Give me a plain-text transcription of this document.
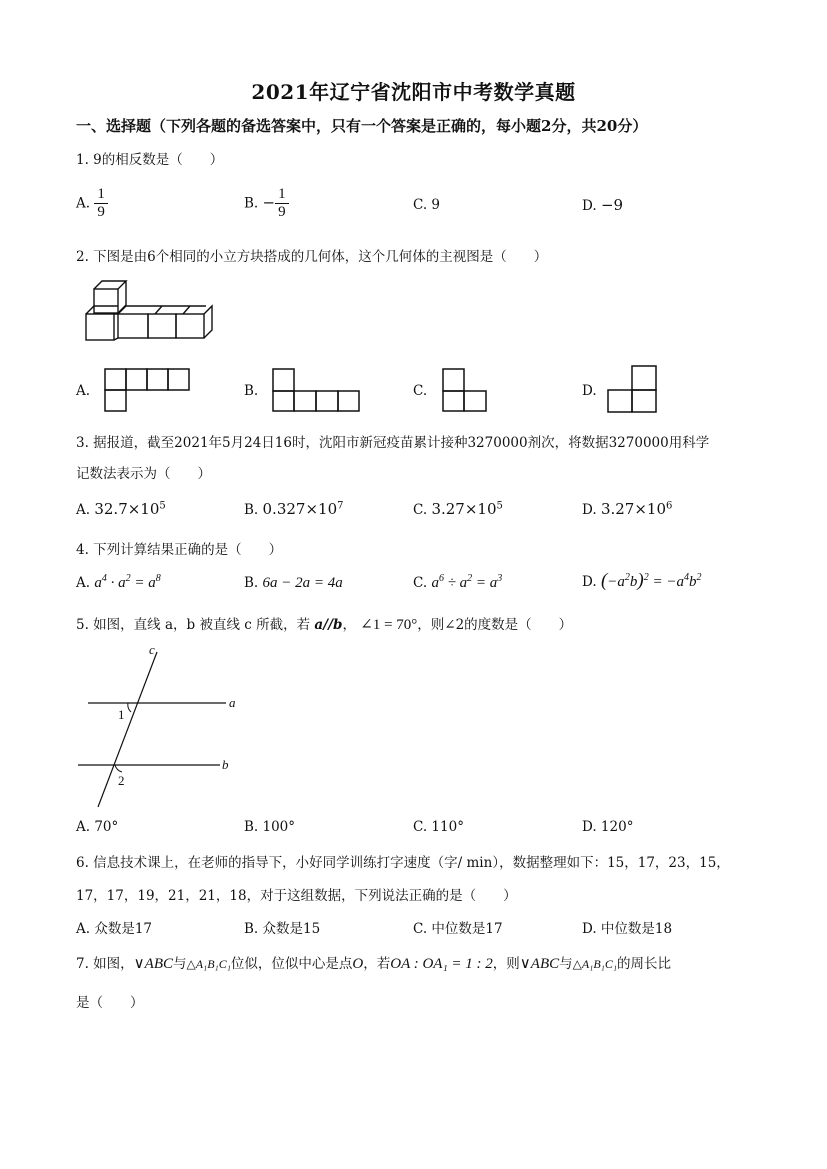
2021年辽宁省沈阳市中考数学真题
一、选择题（下列各题的备选答案中，只有一个答案是正确的，每小题2分，共20分）
1. 9的相反数是（　　）
A. $\frac{1}{9}$	B. − $\frac{1}{9}$	C. 9	D. −9
2. 下图是由6个相同的小立方块搭成的几何体，这个几何体的主视图是（　　）
A.	B.	C.	D.
3. 据报道，截至2021年5月24日16时，沈阳市新冠疫苗累计接种3270000剂次，将数据3270000用科学
记数法表示为（　　）
A. $32.7\times 10^5$	B. $0.327\times 10^7$	C. $3.27\times 10^5$	D. $3.27\times 10^6$
4. 下列计算结果正确的是（　　）
A. $a^4 \cdot a^2 = a^8$	B. 6a − 2a = 4a	C. $a^6 \div a^2 = a^3$	D. $(-a^2b)^2 = -a^4b^2$
5. 如图，直线 a，b 被直线 c 所截，若 a//b， ∠1 = 70°，则∠2的度数是（　　）
c
a
b
1
2
A. 70°	B. 100°	C. 110°	D. 120°
6. 信息技术课上，在老师的指导下，小好同学训练打字速度（字/ min），数据整理如下：15，17，23，15，
17，17，19，21，21，18，对于这组数据，下列说法正确的是（　　）
A. 众数是17	B. 众数是15	C. 中位数是17	D. 中位数是18
7. 如图，∨ABC与△A₁B₁C₁位似，位似中心是点O，若OA : OA₁ = 1 : 2，则∨ABC与△A₁B₁C₁的周长比
是（　　）
